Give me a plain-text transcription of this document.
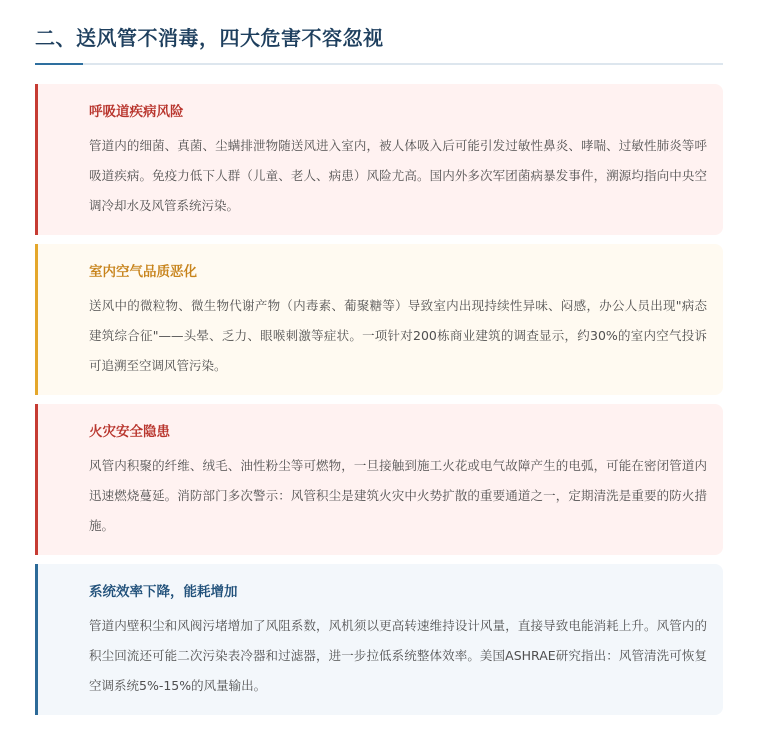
二、送风管不消毒，四大危害不容忽视
呼吸道疾病风险

管道内的细菌、真菌、尘螨排泄物随送风进入室内，被人体吸入后可能引发过敏性鼻炎、哮喘、过敏性肺炎等呼吸道疾病。免疫力低下人群（儿童、老人、病患）风险尤高。国内外多次军团菌病暴发事件，溯源均指向中央空调冷却水及风管系统污染。

室内空气品质恶化

送风中的微粒物、微生物代谢产物（内毒素、葡聚糖等）导致室内出现持续性异味、闷感，办公人员出现"病态建筑综合征"——头晕、乏力、眼喉刺激等症状。一项针对200栋商业建筑的调查显示，约30%的室内空气投诉可追溯至空调风管污染。

火灾安全隐患

风管内积聚的纤维、绒毛、油性粉尘等可燃物，一旦接触到施工火花或电气故障产生的电弧，可能在密闭管道内迅速燃烧蔓延。消防部门多次警示：风管积尘是建筑火灾中火势扩散的重要通道之一，定期清洗是重要的防火措施。

系统效率下降，能耗增加

管道内壁积尘和风阀污堵增加了风阻系数，风机须以更高转速维持设计风量，直接导致电能消耗上升。风管内的积尘回流还可能二次污染表冷器和过滤器，进一步拉低系统整体效率。美国ASHRAE研究指出：风管清洗可恢复空调系统5%-15%的风量输出。
